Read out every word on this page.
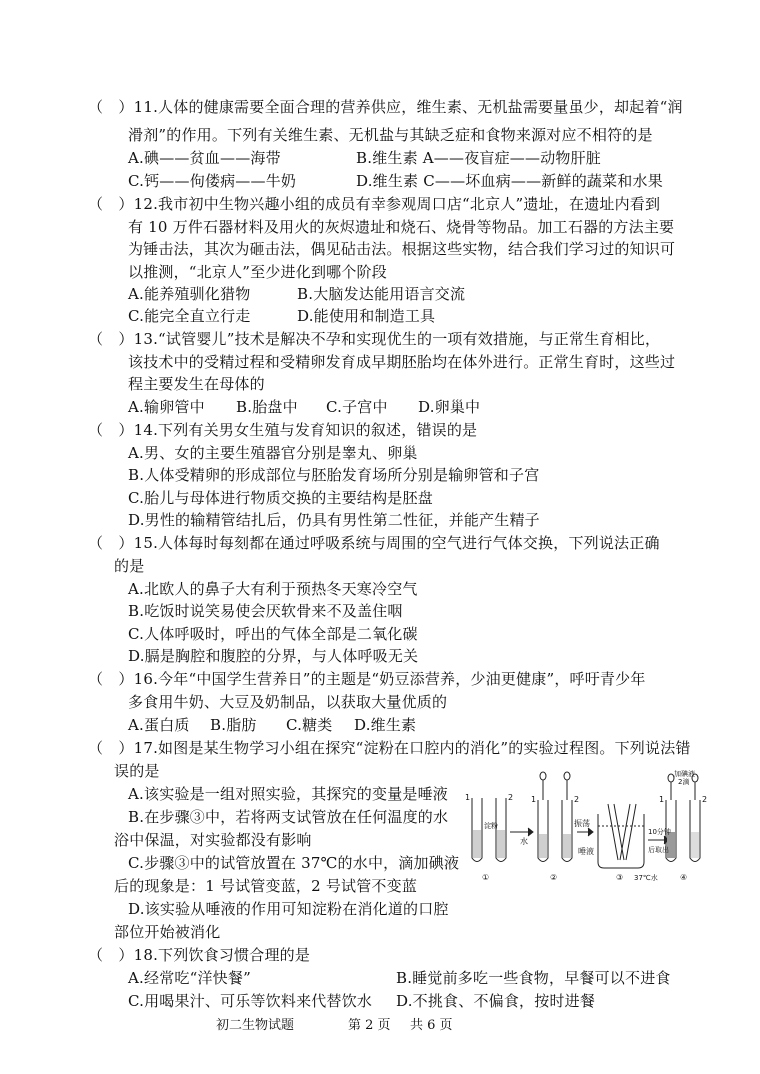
（　）11.人体的健康需要全面合理的营养供应，维生素、无机盐需要量虽少，却起着“润
滑剂”的作用。下列有关维生素、无机盐与其缺乏症和食物来源对应不相符的是
A.碘——贫血——海带	B.维生素 A——夜盲症——动物肝脏
C.钙——佝偻病——牛奶	D.维生素 C——坏血病——新鲜的蔬菜和水果
（　）12.我市初中生物兴趣小组的成员有幸参观周口店“北京人”遗址，在遗址内看到
有 10 万件石器材料及用火的灰烬遗址和烧石、烧骨等物品。加工石器的方法主要
为锤击法，其次为砸击法，偶见砧击法。根据这些实物，结合我们学习过的知识可
以推测，“北京人”至少进化到哪个阶段
A.能养殖驯化猎物	B.大脑发达能用语言交流
C.能完全直立行走	D.能使用和制造工具
（　）13.“试管婴儿”技术是解决不孕和实现优生的一项有效措施，与正常生育相比，
该技术中的受精过程和受精卵发育成早期胚胎均在体外进行。正常生育时，这些过
程主要发生在母体的
A.输卵管中 B.胎盘中 C.子宫中 D.卵巢中
（　）14.下列有关男女生殖与发育知识的叙述，错误的是
A.男、女的主要生殖器官分别是睾丸、卵巢
B.人体受精卵的形成部位与胚胎发育场所分别是输卵管和子宫
C.胎儿与母体进行物质交换的主要结构是胚盘
D.男性的输精管结扎后，仍具有男性第二性征，并能产生精子
（　）15.人体每时每刻都在通过呼吸系统与周围的空气进行气体交换，下列说法正确
的是
A.北欧人的鼻子大有利于预热冬天寒冷空气
B.吃饭时说笑易使会厌软骨来不及盖住咽
C.人体呼吸时，呼出的气体全部是二氧化碳
D.膈是胸腔和腹腔的分界，与人体呼吸无关
（　）16.今年“中国学生营养日”的主题是“奶豆添营养，少油更健康”，呼吁青少年
多食用牛奶、大豆及奶制品，以获取大量优质的
A.蛋白质 B.脂肪 C.糖类 D.维生素
（　）17.如图是某生物学习小组在探究“淀粉在口腔内的消化”的实验过程图。下列说法错
误的是
A.该实验是一组对照实验，其探究的变量是唾液
B.在步骤③中，若将两支试管放在任何温度的水
浴中保温，对实验都没有影响
C.步骤③中的试管放置在 37℃的水中，滴加碘液
后的现象是：1 号试管变蓝，2 号试管不变蓝
D.该实验从唾液的作用可知淀粉在消化道的口腔
部位开始被消化
1	2 1	2	1	2
淀粉
水
唾液
振荡
10分钟
后取出
37℃水
加碘液
2滴
①	②	③	④
（　）18.下列饮食习惯合理的是
A.经常吃“洋快餐”	B.睡觉前多吃一些食物，早餐可以不进食
C.用喝果汁、可乐等饮料来代替饮水 D.不挑食、不偏食，按时进餐
初二生物试题	第 2 页 共 6 页
